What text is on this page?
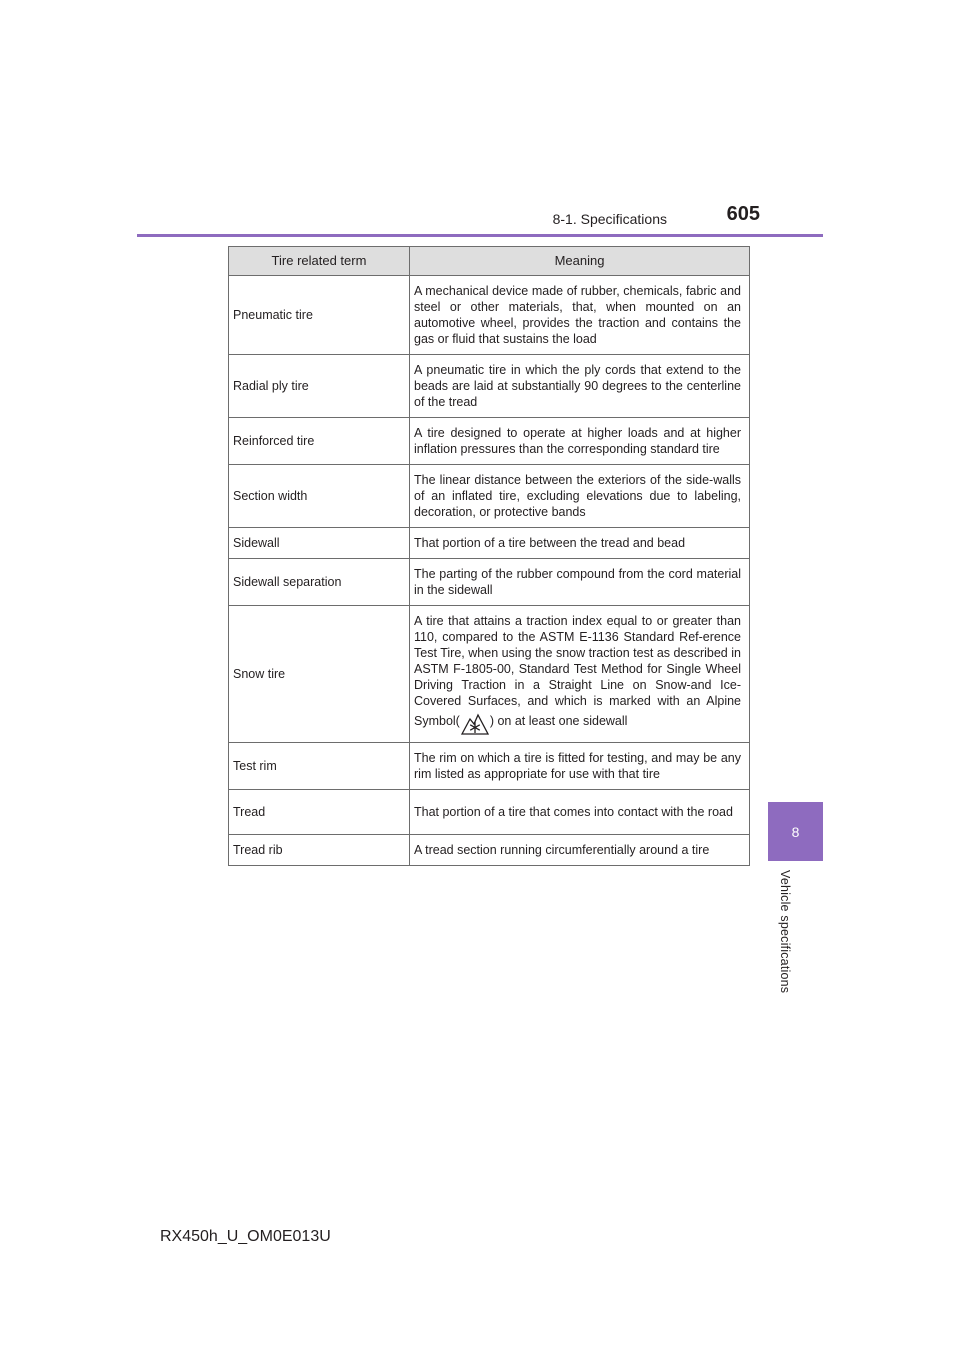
8-1. Specifications	605
8
Vehicle specifications
Tire related term	Meaning
Pneumatic tire	A mechanical device made of rubber, chemicals, fabric and steel or other materials, that, when mounted on an automotive wheel, provides the traction and contains the gas or fluid that sustains the load
Radial ply tire	A pneumatic tire in which the ply cords that extend to the beads are laid at substantially 90 degrees to the centerline of the tread
Reinforced tire	A tire designed to operate at higher loads and at higher inflation pressures than the corresponding standard tire
Section width	The linear distance between the exteriors of the side-walls of an inflated tire, excluding elevations due to labeling, decoration, or protective bands
Sidewall	That portion of a tire between the tread and bead
Sidewall separation	The parting of the rubber compound from the cord material in the sidewall
Snow tire	A tire that attains a traction index equal to or greater than 110, compared to the ASTM E-1136 Standard Ref-erence Test Tire, when using the snow traction test as described in ASTM F-1805-00, Standard Test Method for Single Wheel Driving Traction in a Straight Line on Snow-and Ice-Covered Surfaces, and which is marked with an Alpine Symbol( ) on at least one sidewall
Test rim	The rim on which a tire is fitted for testing, and may be any rim listed as appropriate for use with that tire
Tread	That portion of a tire that comes into contact with the road
Tread rib	A tread section running circumferentially around a tire
RX450h_U_OM0E013U
